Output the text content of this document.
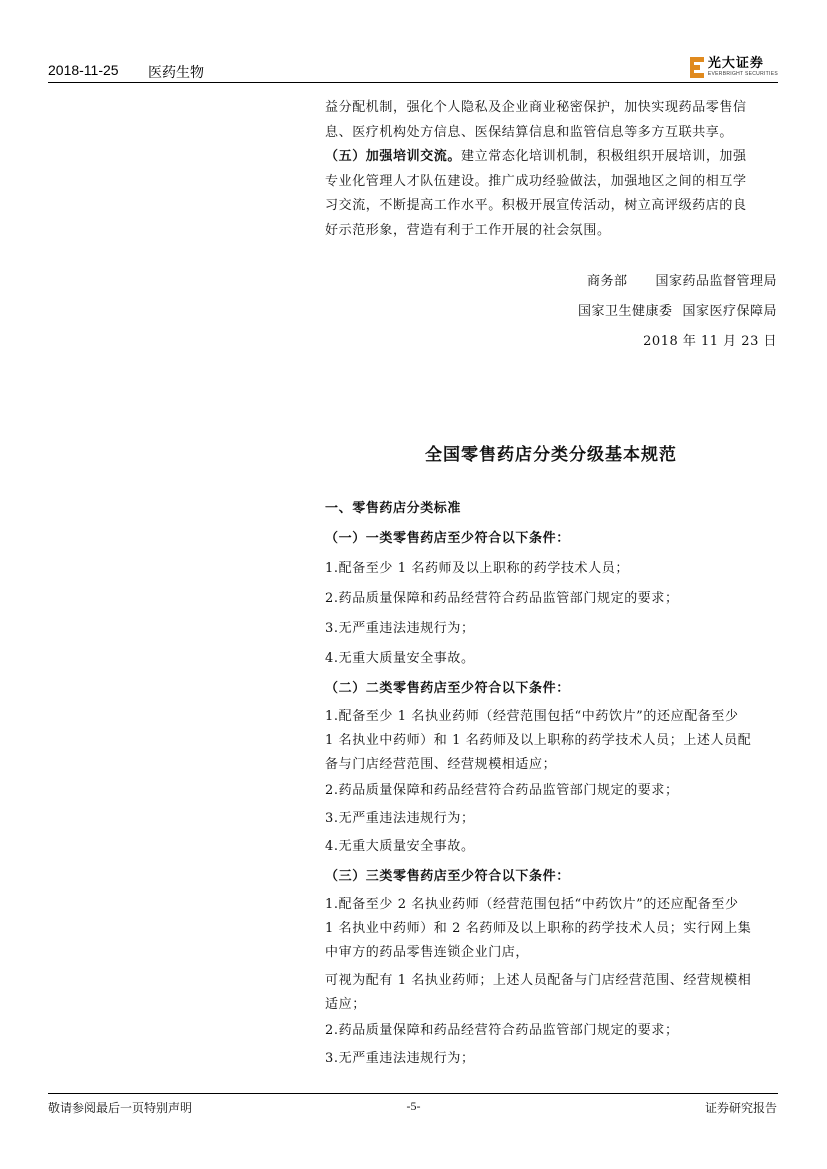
2018-11-25 医药生物
光大证券
EVERBRIGHT SECURITIES

益分配机制，强化个人隐私及企业商业秘密保护，加快实现药品零售信

息、医疗机构处方信息、医保结算信息和监管信息等多方互联共享。

（五）加强培训交流。建立常态化培训机制，积极组织开展培训，加强

专业化管理人才队伍建设。推广成功经验做法，加强地区之间的相互学

习交流，不断提高工作水平。积极开展宣传活动，树立高评级药店的良

好示范形象，营造有利于工作开展的社会氛围。

商务部 国家药品监督管理局
国家卫生健康委 国家医疗保障局
2018 年 11 月 23 日
全国零售药店分类分级基本规范
一、零售药店分类标准
（一）一类零售药店至少符合以下条件：
1.配备至少 1 名药师及以上职称的药学技术人员；
2.药品质量保障和药品经营符合药品监管部门规定的要求；
3.无严重违法违规行为；
4.无重大质量安全事故。
（二）二类零售药店至少符合以下条件：
1.配备至少 1 名执业药师（经营范围包括“中药饮片”的还应配备至少
1 名执业中药师）和 1 名药师及以上职称的药学技术人员；上述人员配
备与门店经营范围、经营规模相适应；
2.药品质量保障和药品经营符合药品监管部门规定的要求；
3.无严重违法违规行为；
4.无重大质量安全事故。
（三）三类零售药店至少符合以下条件：
1.配备至少 2 名执业药师（经营范围包括“中药饮片”的还应配备至少
1 名执业中药师）和 2 名药师及以上职称的药学技术人员；实行网上集
中审方的药品零售连锁企业门店，
可视为配有 1 名执业药师；上述人员配备与门店经营范围、经营规模相
适应；
2.药品质量保障和药品经营符合药品监管部门规定的要求；
3.无严重违法违规行为；
敬请参阅最后一页特别声明	-5-	证券研究报告
